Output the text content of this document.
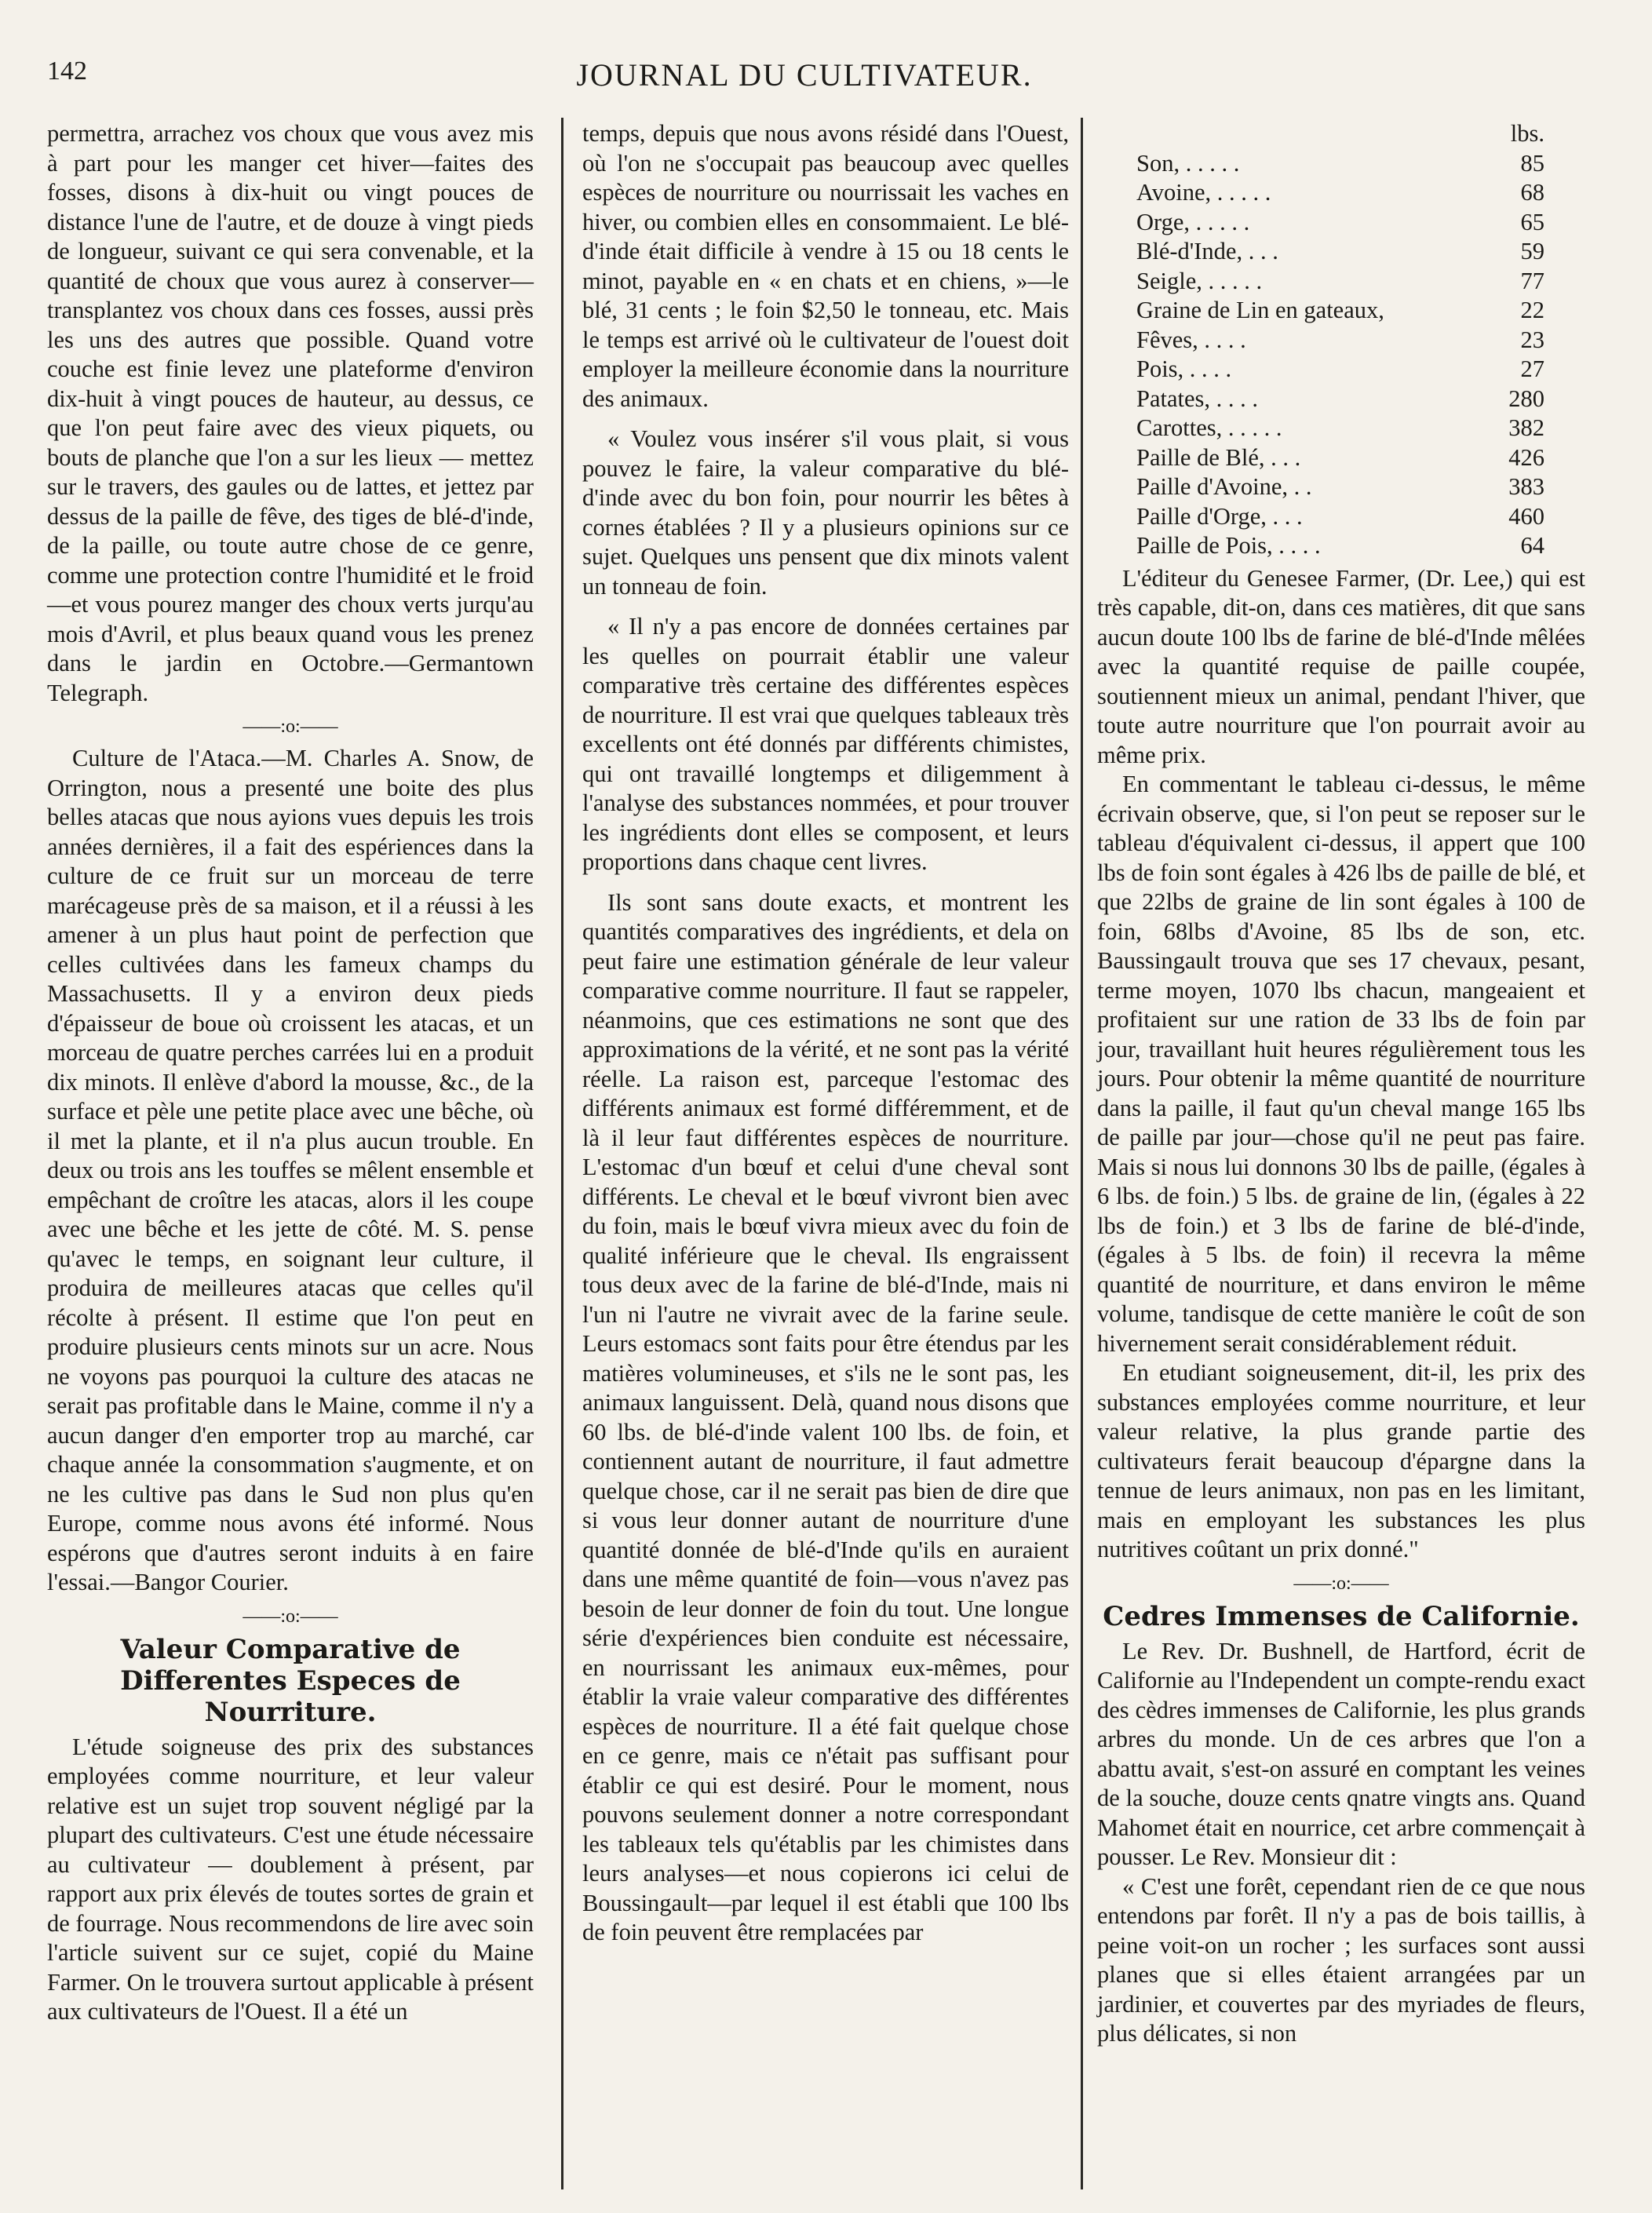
142	JOURNAL DU CULTIVATEUR.

permettra, arrachez vos choux que vous avez mis à part pour les manger cet hiver—faites des fosses, disons à dix-huit ou vingt pouces de distance l'une de l'autre, et de douze à vingt pieds de longueur, suivant ce qui sera convenable, et la quantité de choux que vous aurez à conserver—transplantez vos choux dans ces fosses, aussi près les uns des autres que possible. Quand votre couche est finie levez une plateforme d'environ dix-huit à vingt pouces de hauteur, au dessus, ce que l'on peut faire avec des vieux piquets, ou bouts de planche que l'on a sur les lieux — mettez sur le travers, des gaules ou de lattes, et jettez par dessus de la paille de fêve, des tiges de blé-d'inde, de la paille, ou toute autre chose de ce genre, comme une protection contre l'humidité et le froid—et vous pourez manger des choux verts jurqu'au mois d'Avril, et plus beaux quand vous les prenez dans le jardin en Octobre.—Germantown Telegraph.

——:o:——

Culture de l'Ataca.—M. Charles A. Snow, de Orrington, nous a presenté une boite des plus belles atacas que nous ayions vues depuis les trois années dernières, il a fait des espériences dans la culture de ce fruit sur un morceau de terre marécageuse près de sa maison, et il a réussi à les amener à un plus haut point de perfection que celles cultivées dans les fameux champs du Massachusetts. Il y a environ deux pieds d'épaisseur de boue où croissent les atacas, et un morceau de quatre perches carrées lui en a produit dix minots. Il enlève d'abord la mousse, &c., de la surface et pèle une petite place avec une bêche, où il met la plante, et il n'a plus aucun trouble. En deux ou trois ans les touffes se mêlent ensemble et empêchant de croître les atacas, alors il les coupe avec une bêche et les jette de côté. M. S. pense qu'avec le temps, en soignant leur culture, il produira de meilleures atacas que celles qu'il récolte à présent. Il estime que l'on peut en produire plusieurs cents minots sur un acre. Nous ne voyons pas pourquoi la culture des atacas ne serait pas profitable dans le Maine, comme il n'y a aucun danger d'en emporter trop au marché, car chaque année la consommation s'augmente, et on ne les cultive pas dans le Sud non plus qu'en Europe, comme nous avons été informé. Nous espérons que d'autres seront induits à en faire l'essai.—Bangor Courier.

——:o:——
Valeur Comparative de Differentes Especes de Nourriture.

L'étude soigneuse des prix des substances employées comme nourriture, et leur valeur relative est un sujet trop souvent négligé par la plupart des cultivateurs. C'est une étude nécessaire au cultivateur — doublement à présent, par rapport aux prix élevés de toutes sortes de grain et de fourrage. Nous recommendons de lire avec soin l'article suivent sur ce sujet, copié du Maine Farmer. On le trouvera surtout applicable à présent aux cultivateurs de l'Ouest. Il a été un

temps, depuis que nous avons résidé dans l'Ouest, où l'on ne s'occupait pas beaucoup avec quelles espèces de nourriture ou nourrissait les vaches en hiver, ou combien elles en consommaient. Le blé-d'inde était difficile à vendre à 15 ou 18 cents le minot, payable en « en chats et en chiens, »—le blé, 31 cents ; le foin $2,50 le tonneau, etc. Mais le temps est arrivé où le cultivateur de l'ouest doit employer la meilleure économie dans la nourriture des animaux.

« Voulez vous insérer s'il vous plait, si vous pouvez le faire, la valeur comparative du blé-d'inde avec du bon foin, pour nourrir les bêtes à cornes établées ? Il y a plusieurs opinions sur ce sujet. Quelques uns pensent que dix minots valent un tonneau de foin.

« Il n'y a pas encore de données certaines par les quelles on pourrait établir une valeur comparative très certaine des différentes espèces de nourriture. Il est vrai que quelques tableaux très excellents ont été donnés par différents chimistes, qui ont travaillé longtemps et diligemment à l'analyse des substances nommées, et pour trouver les ingrédients dont elles se composent, et leurs proportions dans chaque cent livres.

Ils sont sans doute exacts, et montrent les quantités comparatives des ingrédients, et dela on peut faire une estimation générale de leur valeur comparative comme nourriture. Il faut se rappeler, néanmoins, que ces estimations ne sont que des approximations de la vérité, et ne sont pas la vérité réelle. La raison est, parceque l'estomac des différents animaux est formé différemment, et de là il leur faut différentes espèces de nourriture. L'estomac d'un bœuf et celui d'une cheval sont différents. Le cheval et le bœuf vivront bien avec du foin, mais le bœuf vivra mieux avec du foin de qualité inférieure que le cheval. Ils engraissent tous deux avec de la farine de blé-d'Inde, mais ni l'un ni l'autre ne vivrait avec de la farine seule. Leurs estomacs sont faits pour être étendus par les matières volumineuses, et s'ils ne le sont pas, les animaux languissent. Delà, quand nous disons que 60 lbs. de blé-d'inde valent 100 lbs. de foin, et contiennent autant de nourriture, il faut admettre quelque chose, car il ne serait pas bien de dire que si vous leur donner autant de nourriture d'une quantité donnée de blé-d'Inde qu'ils en auraient dans une même quantité de foin—vous n'avez pas besoin de leur donner de foin du tout. Une longue série d'expériences bien conduite est nécessaire, en nourrissant les animaux eux-mêmes, pour établir la vraie valeur comparative des différentes espèces de nourriture. Il a été fait quelque chose en ce genre, mais ce n'était pas suffisant pour établir ce qui est desiré. Pour le moment, nous pouvons seulement donner a notre correspondant les tableaux tels qu'établis par les chimistes dans leurs analyses—et nous copierons ici celui de Boussingault—par lequel il est établi que 100 lbs de foin peuvent être remplacées par

lbs.
Son, . . . . .	85
Avoine, . . . . .	68
Orge, . . . . .	65
Blé-d'Inde, . . .	59
Seigle, . . . . .	77
Graine de Lin en gateaux,	22
Fêves, . . . .	23
Pois, . . . .	27
Patates, . . . .	280
Carottes, . . . . .	382
Paille de Blé, . . .	426
Paille d'Avoine, . .	383
Paille d'Orge, . . .	460
Paille de Pois, . . . .	64

L'éditeur du Genesee Farmer, (Dr. Lee,) qui est très capable, dit-on, dans ces matières, dit que sans aucun doute 100 lbs de farine de blé-d'Inde mêlées avec la quantité requise de paille coupée, soutiennent mieux un animal, pendant l'hiver, que toute autre nourriture que l'on pourrait avoir au même prix.

En commentant le tableau ci-dessus, le même écrivain observe, que, si l'on peut se reposer sur le tableau d'équivalent ci-dessus, il appert que 100 lbs de foin sont égales à 426 lbs de paille de blé, et que 22lbs de graine de lin sont égales à 100 de foin, 68lbs d'Avoine, 85 lbs de son, etc. Baussingault trouva que ses 17 chevaux, pesant, terme moyen, 1070 lbs chacun, mangeaient et profitaient sur une ration de 33 lbs de foin par jour, travaillant huit heures régulièrement tous les jours. Pour obtenir la même quantité de nourriture dans la paille, il faut qu'un cheval mange 165 lbs de paille par jour—chose qu'il ne peut pas faire. Mais si nous lui donnons 30 lbs de paille, (égales à 6 lbs. de foin.) 5 lbs. de graine de lin, (égales à 22 lbs de foin.) et 3 lbs de farine de blé-d'inde, (égales à 5 lbs. de foin) il recevra la même quantité de nourriture, et dans environ le même volume, tandisque de cette manière le coût de son hivernement serait considérablement réduit.

En etudiant soigneusement, dit-il, les prix des substances employées comme nourriture, et leur valeur relative, la plus grande partie des cultivateurs ferait beaucoup d'épargne dans la tennue de leurs animaux, non pas en les limitant, mais en employant les substances les plus nutritives coûtant un prix donné."

——:o:——
Cedres Immenses de Californie.

Le Rev. Dr. Bushnell, de Hartford, écrit de Californie au l'Independent un compte-rendu exact des cèdres immenses de Californie, les plus grands arbres du monde. Un de ces arbres que l'on a abattu avait, s'est-on assuré en comptant les veines de la souche, douze cents qnatre vingts ans. Quand Mahomet était en nourrice, cet arbre commençait à pousser. Le Rev. Monsieur dit :

« C'est une forêt, cependant rien de ce que nous entendons par forêt. Il n'y a pas de bois taillis, à peine voit-on un rocher ; les surfaces sont aussi planes que si elles étaient arrangées par un jardinier, et couvertes par des myriades de fleurs, plus délicates, si non
